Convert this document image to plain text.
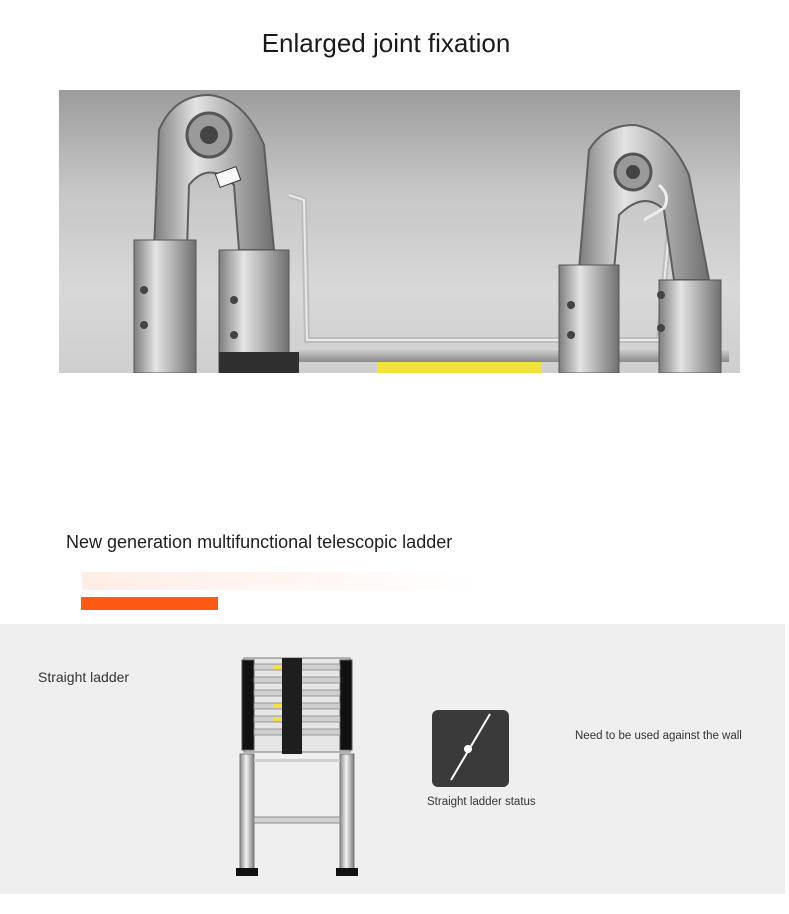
Enlarged joint fixation
New generation multifunctional telescopic ladder
Straight ladder
Straight ladder status
Need to be used against the wall
